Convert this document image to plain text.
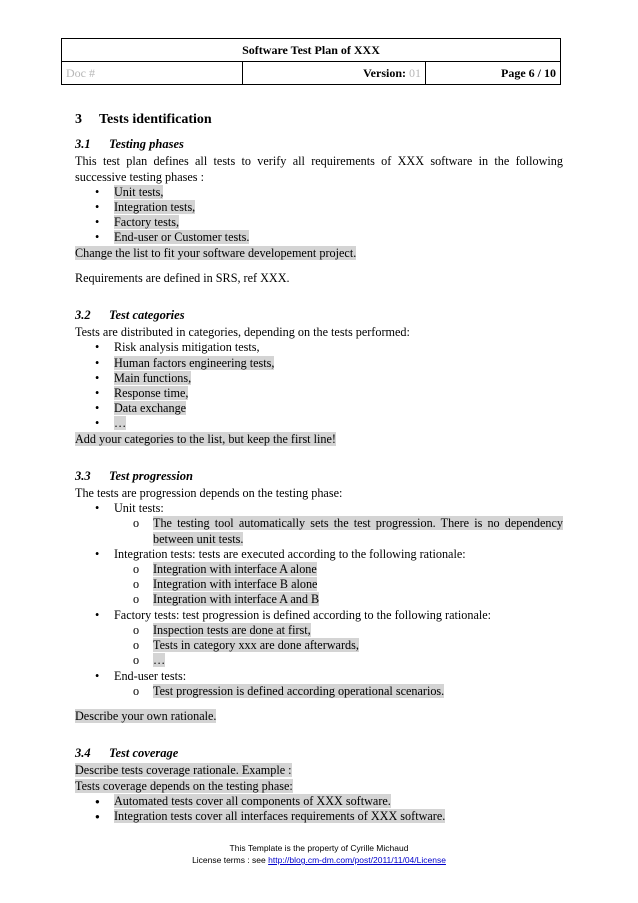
Software Test Plan of XXX
Doc #	Version: 01	Page 6 / 10
3 Tests identification
3.1 Testing phases

This test plan defines all tests to verify all requirements of XXX software in the following successive testing phases :

• Unit tests,
• Integration tests,
• Factory tests,
• End-user or Customer tests.

Change the list to fit your software developement project.

Requirements are defined in SRS, ref XXX.

3.2 Test categories

Tests are distributed in categories, depending on the tests performed:

• Risk analysis mitigation tests,
• Human factors engineering tests,
• Main functions,
• Response time,
• Data exchange
• …

Add your categories to the list, but keep the first line!

3.3 Test progression

The tests are progression depends on the testing phase:

• Unit tests:
o The testing tool automatically sets the test progression. There is no dependency between unit tests.
• Integration tests: tests are executed according to the following rationale:
o Integration with interface A alone
o Integration with interface B alone
o Integration with interface A and B
• Factory tests: test progression is defined according to the following rationale:
o Inspection tests are done at first,
o Tests in category xxx are done afterwards,
o …
• End-user tests:
o Test progression is defined according operational scenarios.

Describe your own rationale.

3.4 Test coverage

Describe tests coverage rationale. Example :

Tests coverage depends on the testing phase:

● Automated tests cover all components of XXX software.
● Integration tests cover all interfaces requirements of XXX software.
This Template is the property of Cyrille Michaud
License terms : see http://blog.cm-dm.com/post/2011/11/04/License
